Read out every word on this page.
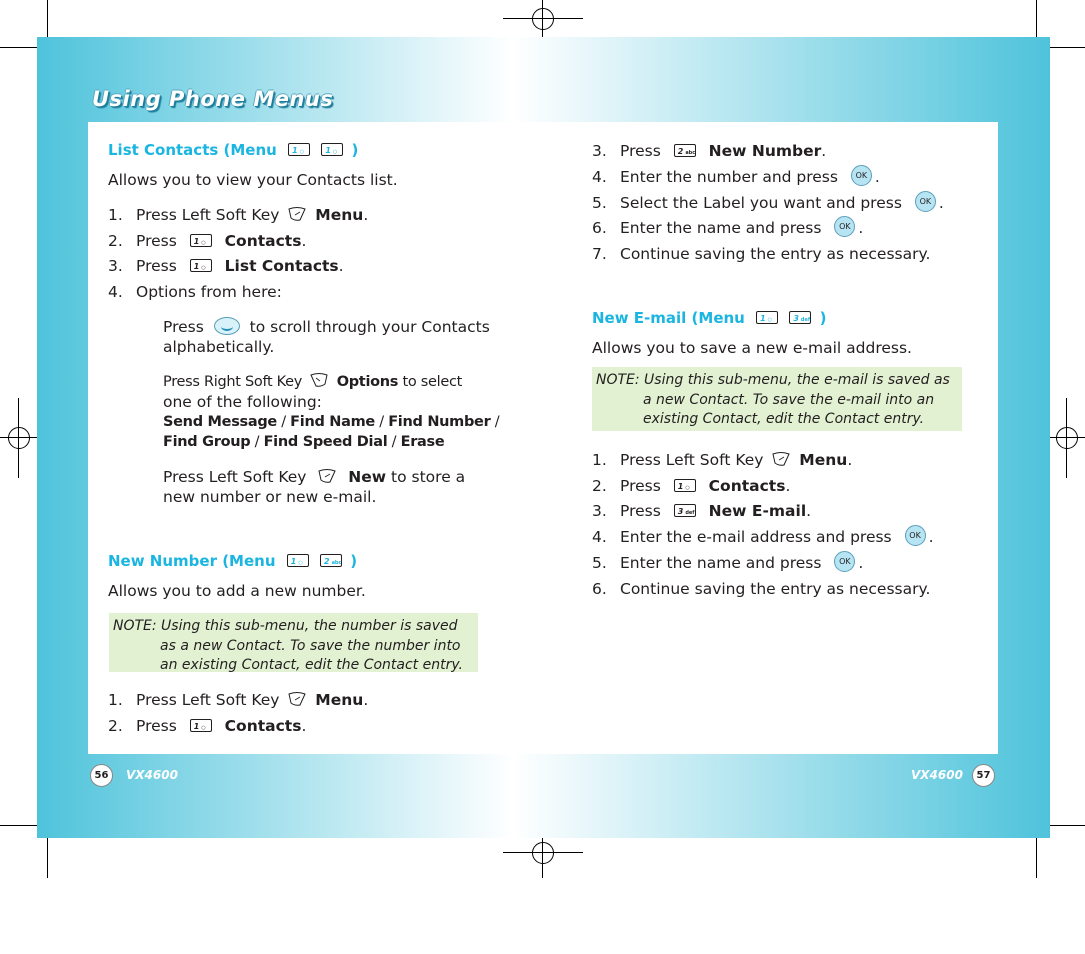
Using Phone Menus
List Contacts (Menu 1 ○	1 ○ )
Allows you to view your Contacts list.
1. Press Left Soft Key Menu.
2. Press 1 ○ Contacts.
3. Press 1 ○ List Contacts.
4. Options from here:
Press	to scroll through your Contacts
alphabetically.
Press Right Soft Key Options to select
one of the following:
Send Message / Find Name / Find Number /
Find Group / Find Speed Dial / Erase
Press Left Soft Key	New to store a
new number or new e-mail.
New Number (Menu 1 ○	2 abc )
Allows you to add a new number.
NOTE: Using this sub-menu, the number is saved
as a new Contact. To save the number into
an existing Contact, edit the Contact entry.
1. Press Left Soft Key Menu.
2. Press 1 ○ Contacts.
56	VX4600
3. Press 2 abc New Number.
4. Enter the number and press OK .
5. Select the Label you want and press OK .
6. Enter the name and press OK .
7. Continue saving the entry as necessary.
New E-mail (Menu 1 ○	3 def )
Allows you to save a new e-mail address.
NOTE: Using this sub-menu, the e-mail is saved as
a new Contact. To save the e-mail into an
existing Contact, edit the Contact entry.
1. Press Left Soft Key Menu.
2. Press 1 ○ Contacts.
3. Press 3 def New E-mail.
4. Enter the e-mail address and press OK .
5. Enter the name and press OK .
6. Continue saving the entry as necessary.
VX4600	57
